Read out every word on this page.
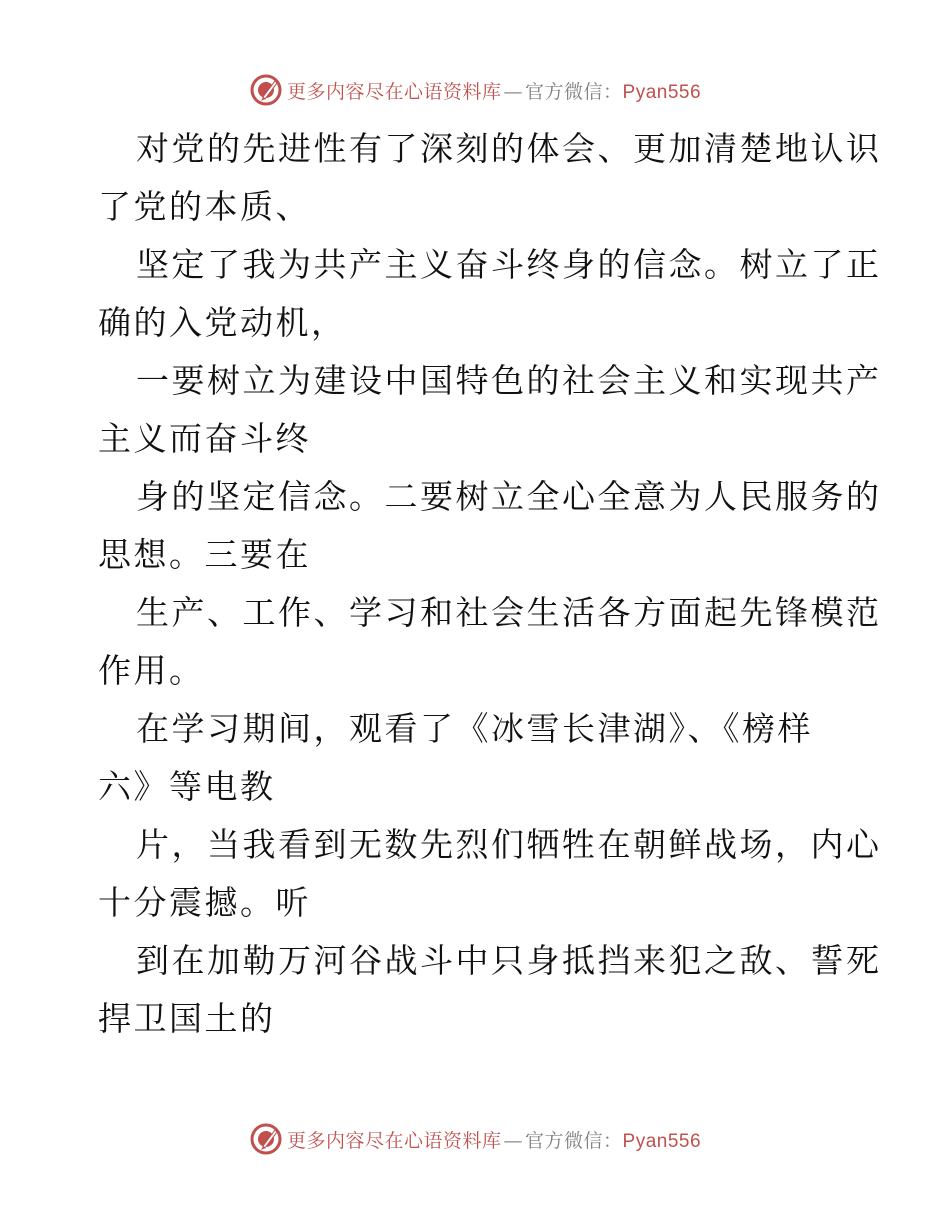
更多内容尽在心语资料库 — 官方微信：Pyan556

对党的先进性有了深刻的体会、更加清楚地认识
了党的本质、

坚定了我为共产主义奋斗终身的信念。树立了正
确的入党动机，

一要树立为建设中国特色的社会主义和实现共产
主义而奋斗终

身的坚定信念。二要树立全心全意为人民服务的
思想。三要在

生产、工作、学习和社会生活各方面起先锋模范
作用。

在学习期间，观看了《冰雪长津湖》、《榜样
六》等电教

片，当我看到无数先烈们牺牲在朝鲜战场，内心
十分震撼。听

到在加勒万河谷战斗中只身抵挡来犯之敌、誓死
捍卫国土的

更多内容尽在心语资料库 — 官方微信：Pyan556
